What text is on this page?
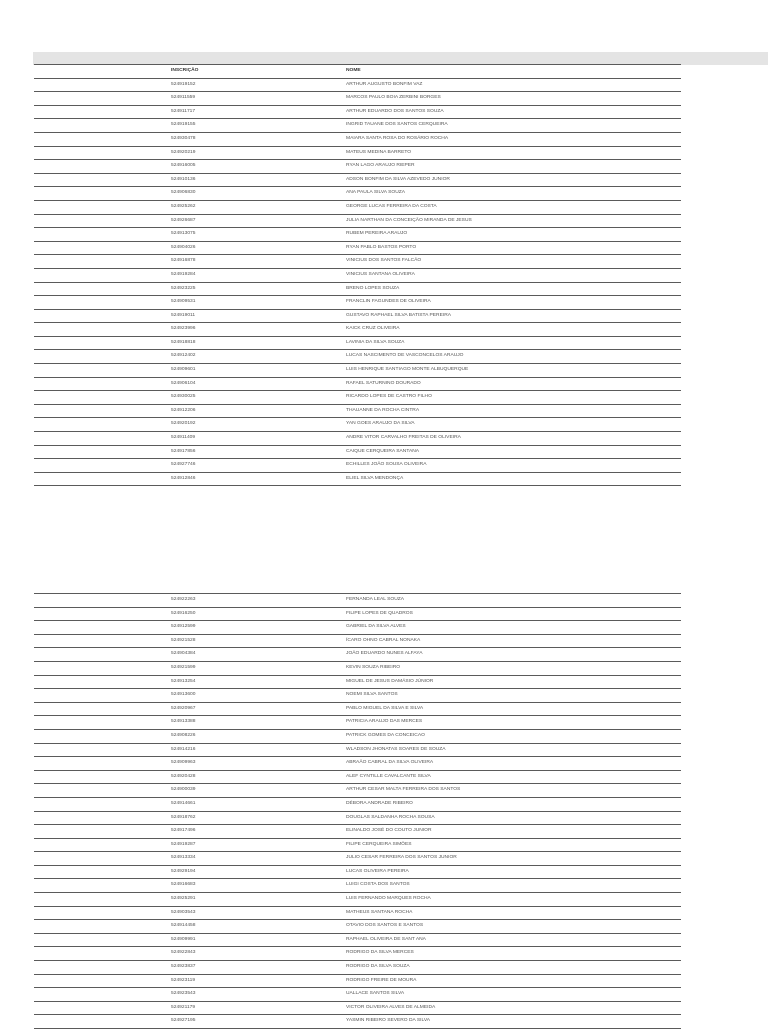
INSCRIÇÃO	NOME
524919152	ARTHUR AUGUSTO BONFIM VAZ
524911559	MARCOS PAULO BOIA ZERBINI BORGES
524911717	ARTHUR EDUARDO DOS SANTOS SOUZA
524919155	INGRID TAUANE DOS SANTOS CERQUEIRA
524930478	MAIARA SANTA ROSA DO ROSÁRIO ROCHA
524920219	MATEUS MEDINA BARRETO
524916005	RYAN LAGO ARAUJO RIEPER
524910136	ADSON BONFIM DA SILVA AZEVEDO JUNIOR
524906830	ANA PAULA SILVA SOUZA
524925262	GEORGE LUCAS FERREIRA DA COSTA
524926687	JULIA NARTHAN DA CONCEIÇÃO MIRANDA DE JESUS
524913075	RUBEM PEREIRA ARAUJO
524904026	RYAN PABLO BASTOS PORTO
524916878	VINICIUS DOS SANTOS FALCÃO
524919284	VINICIUS SANTANA OLIVEIRA
524923225	BRENO LOPES SOUZA
524909531	FRANCLIN FAGUNDES DE OLIVEIRA
524919011	GUSTAVO RAPHAEL SILVA BATISTA PEREIRA
524923996	KAICK CRUZ OLIVEIRA
524918818	LAVINIA DA SILVA SOUZA
524912402	LUCAS NASCIMENTO DE VASCONCELOS ARAUJO
524909601	LUIS HENRIQUE SANTIAGO MONTE ALBUQUERQUE
524906104	RAFAEL SATURNINO DOURADO
524930025	RICARDO LOPES DE CASTRO FILHO
524912206	THAUANNE DA ROCHA CINTRA
524920192	YAN GOES ARAUJO DA SILVA
524911409	ANDRE VITOR CARVALHO FREITAS DE OLIVEIRA
524917856	CAIQUE CERQUEIRA SANTANA
524927746	ECHILLES JOÃO SOUSA OLIVEIRA
524912846	ELIEL SILVA MENDONÇA
524922263	FERNANDA LEAL SOUZA
524916250	FILIPE LOPES DE QUADROS
524912599	GABRIEL DA SILVA ALVES
524921528	ÍCARO OHNO CABRAL NONAKA
524904384	JOÃO EDUARDO NUNES ALFAYA
524921599	KEVIN SOUZA RIBEIRO
524913254	MIGUEL DE JESUS DAMÁSIO JÚNIOR
524913600	NOEMI SILVA SANTOS
524920967	PABLO MIGUEL DA SILVA E SILVA
524913388	PATRICIA ARAUJO DAS MERCES
524908226	PATRICK GOMES DA CONCEICAO
524914216	WLADSON JHONATAS SOARES DE SOUZA
524909963	ABRAÃO CABRAL DA SILVA OLIVEIRA
524920428	ALEF CYNTILLE CAVALCANTE SILVA
524900039	ARTHUR CESAR MALTA FERREIRA DOS SANTOS
524914661	DÉBORA ANDRADE RIBEIRO
524918762	DOUGLAS SALDANHA ROCHA SOUSA
524917496	ELINALDO JOSÉ DO COUTO JUNIOR
524919287	FILIPE CERQUEIRA SIMÕES
524913334	JULIO CESAR FERREIRA DOS SANTOS JUNIOR
524929194	LUCAS OLIVEIRA PEREIRA
524916683	LUIGI COSTA DOS SANTOS
524925291	LUIS FERNANDO MARQUES ROCHA
524903543	MATHEUS SANTANA ROCHA
524914458	OTAVIO DOS SANTOS E SANTOS
524909991	RAPHAEL OLIVEIRA DE SANT ANA
524922843	RODRIGO DA SILVA MERCES
524923837	RODRIGO DA SILVA SOUZA
524923119	RODRIGO FREIRE DE MOURA
524923543	UALLACE SANTOS SILVA
524921179	VICTOR OLIVEIRA ALVES DE ALMEIDA
524927195	YASMIN RIBEIRO SEVERO DA SILVA
